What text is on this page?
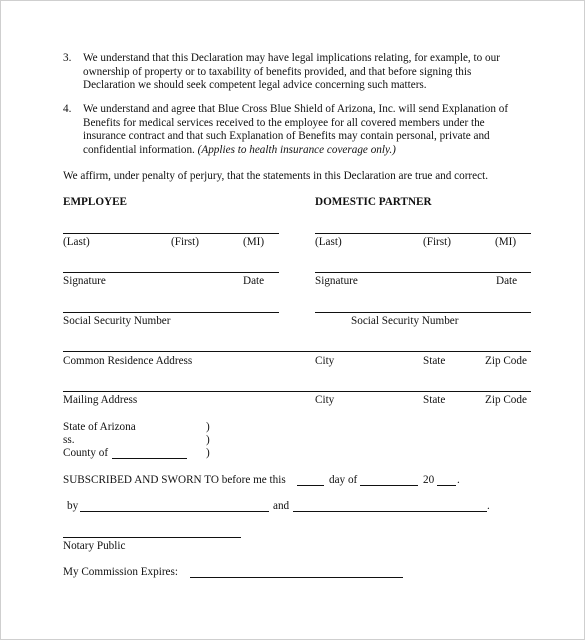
3. We understand that this Declaration may have legal implications relating, for example, to our
ownership of property or to taxability of benefits provided, and that before signing this
Declaration we should seek competent legal advice concerning such matters.
4. We understand and agree that Blue Cross Blue Shield of Arizona, Inc. will send Explanation of
Benefits for medical services received to the employee for all covered members under the
insurance contract and that such Explanation of Benefits may contain personal, private and
confidential information. (Applies to health insurance coverage only.)
We affirm, under penalty of perjury, that the statements in this Declaration are true and correct.
EMPLOYEE	DOMESTIC PARTNER
(Last)	(First)	(MI)	(Last)	(First)	(MI)
Signature	Date	Signature	Date
Social Security Number	Social Security Number
Common Residence Address	City	State	Zip Code
Mailing Address	City	State	Zip Code
State of Arizona
ss.
County of
)
)
)
SUBSCRIBED AND SWORN TO before me this	day of	20 .
by	and	.
Notary Public
My Commission Expires:
